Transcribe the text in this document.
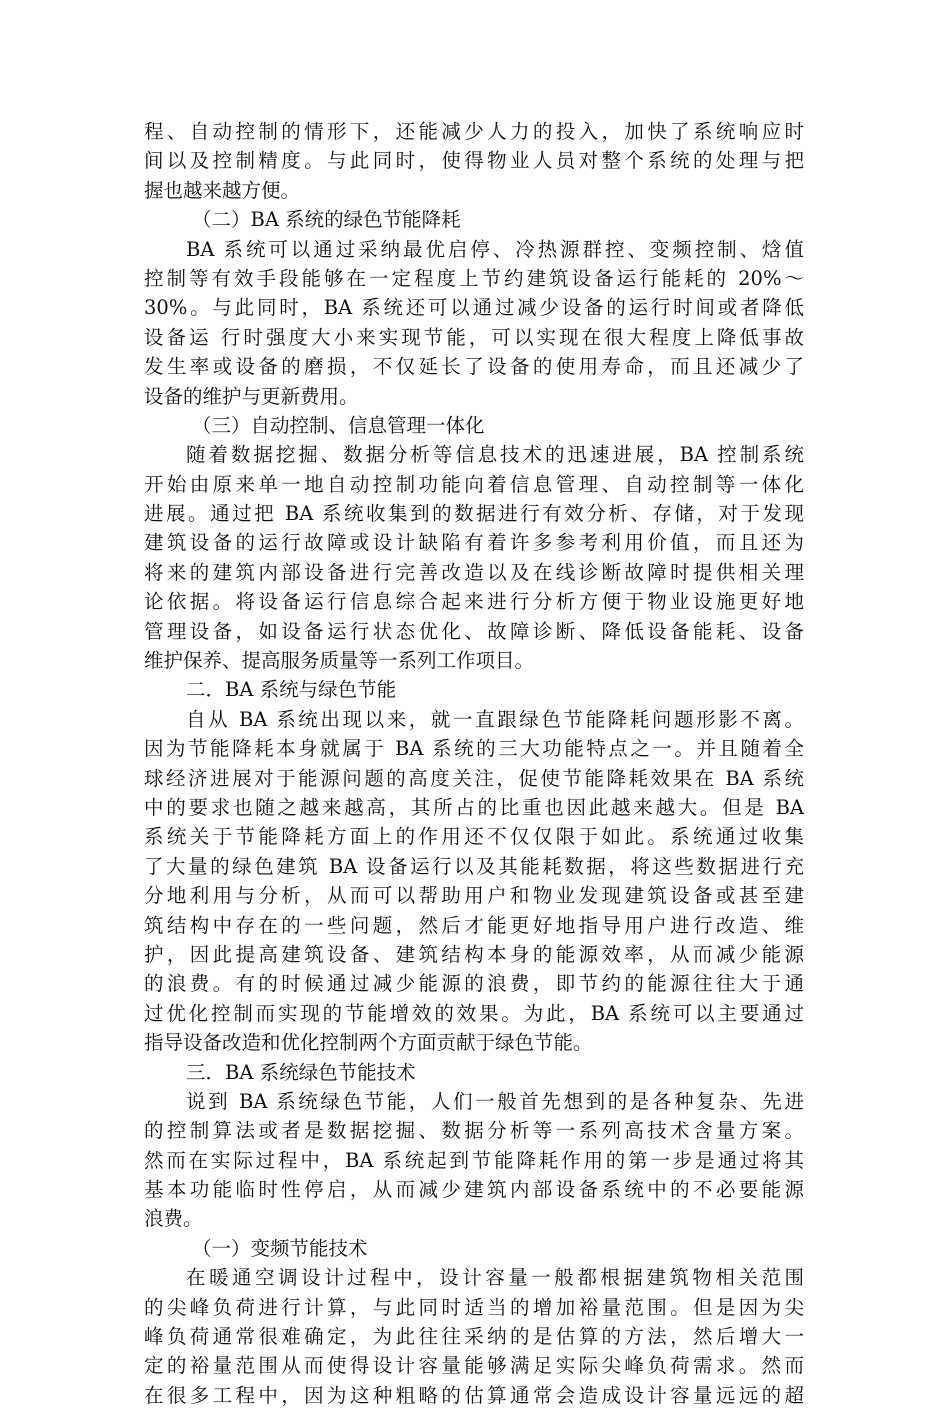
程、自动控制的情形下，还能减少人力的投入，加快了系统响应时
间以及控制精度。与此同时，使得物业人员对整个系统的处理与把
握也越来越方便。
（二）BA 系统的绿色节能降耗
BA 系统可以通过采纳最优启停、冷热源群控、变频控制、焓值
控制等有效手段能够在一定程度上节约建筑设备运行能耗的 20%～
30%。与此同时，BA 系统还可以通过减少设备的运行时间或者降低
设备运 行时强度大小来实现节能，可以实现在很大程度上降低事故
发生率或设备的磨损，不仅延长了设备的使用寿命，而且还减少了
设备的维护与更新费用。
（三）自动控制、信息管理一体化
随着数据挖掘、数据分析等信息技术的迅速进展，BA 控制系统
开始由原来单一地自动控制功能向着信息管理、自动控制等一体化
进展。通过把 BA 系统收集到的数据进行有效分析、存储，对于发现
建筑设备的运行故障或设计缺陷有着许多参考利用价值，而且还为
将来的建筑内部设备进行完善改造以及在线诊断故障时提供相关理
论依据。将设备运行信息综合起来进行分析方便于物业设施更好地
管理设备，如设备运行状态优化、故障诊断、降低设备能耗、设备
维护保养、提高服务质量等一系列工作项目。
二．BA 系统与绿色节能
自从 BA 系统出现以来，就一直跟绿色节能降耗问题形影不离。
因为节能降耗本身就属于 BA 系统的三大功能特点之一。并且随着全
球经济进展对于能源问题的高度关注，促使节能降耗效果在 BA 系统
中的要求也随之越来越高，其所占的比重也因此越来越大。但是 BA
系统关于节能降耗方面上的作用还不仅仅限于如此。系统通过收集
了大量的绿色建筑 BA 设备运行以及其能耗数据，将这些数据进行充
分地利用与分析，从而可以帮助用户和物业发现建筑设备或甚至建
筑结构中存在的一些问题，然后才能更好地指导用户进行改造、维
护，因此提高建筑设备、建筑结构本身的能源效率，从而减少能源
的浪费。有的时候通过减少能源的浪费，即节约的能源往往大于通
过优化控制而实现的节能增效的效果。为此，BA 系统可以主要通过
指导设备改造和优化控制两个方面贡献于绿色节能。
三．BA 系统绿色节能技术
说到 BA 系统绿色节能，人们一般首先想到的是各种复杂、先进
的控制算法或者是数据挖掘、数据分析等一系列高技术含量方案。
然而在实际过程中，BA 系统起到节能降耗作用的第一步是通过将其
基本功能临时性停启，从而减少建筑内部设备系统中的不必要能源
浪费。
（一）变频节能技术
在暖通空调设计过程中，设计容量一般都根据建筑物相关范围
的尖峰负荷进行计算，与此同时适当的增加裕量范围。但是因为尖
峰负荷通常很难确定，为此往往采纳的是估算的方法，然后增大一
定的裕量范围从而使得设计容量能够满足实际尖峰负荷需求。然而
在很多工程中，因为这种粗略的估算通常会造成设计容量远远的超
